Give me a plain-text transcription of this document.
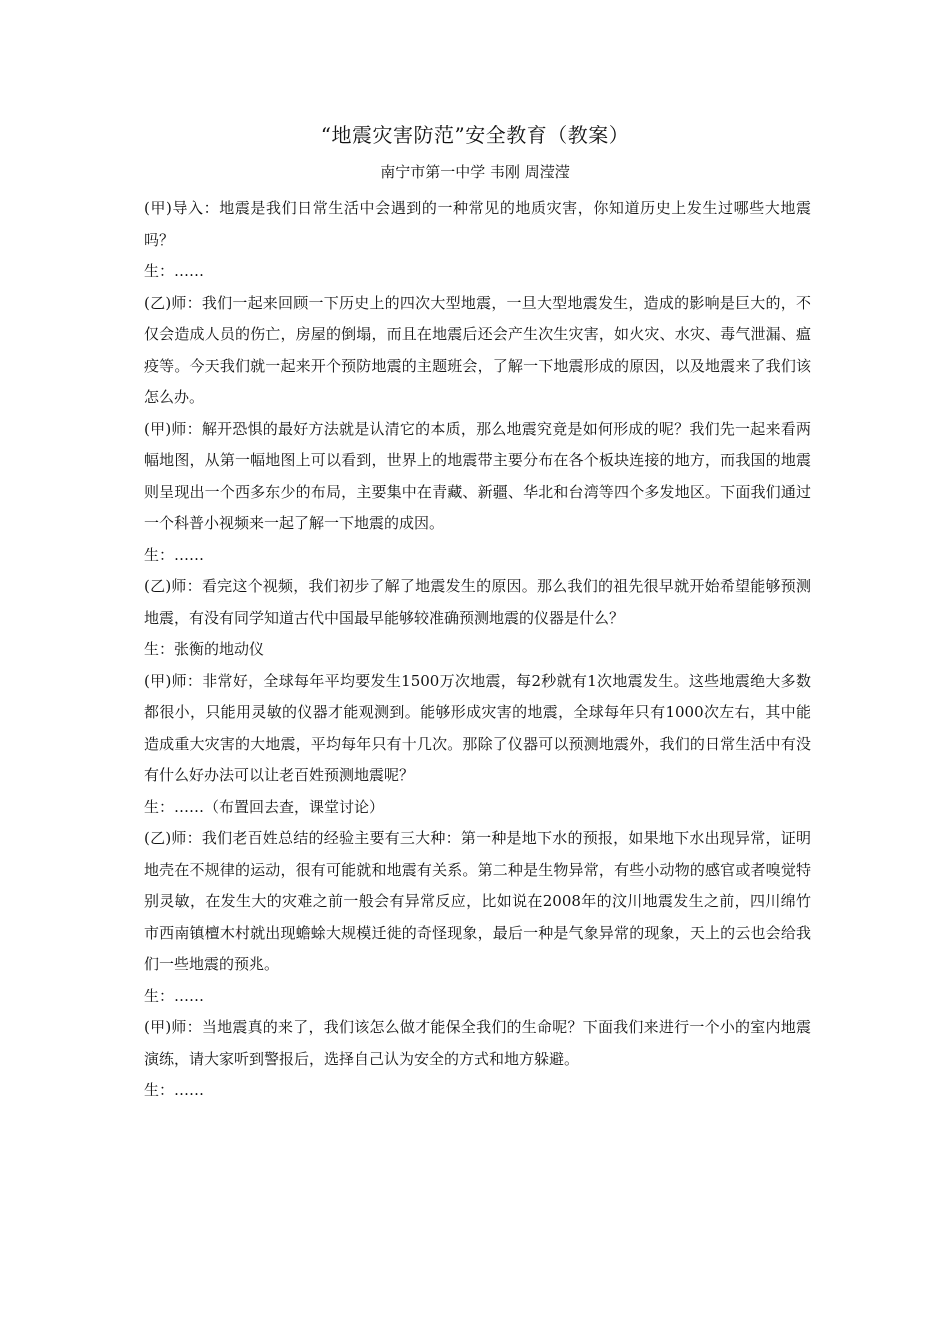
“地震灾害防范”安全教育（教案）
南宁市第一中学 韦刚 周滢滢

(甲)导入：地震是我们日常生活中会遇到的一种常见的地质灾害，你知道历史上发生过哪些大地震吗？

生：……

(乙)师：我们一起来回顾一下历史上的四次大型地震，一旦大型地震发生，造成的影响是巨大的，不仅会造成人员的伤亡，房屋的倒塌，而且在地震后还会产生次生灾害，如火灾、水灾、毒气泄漏、瘟疫等。今天我们就一起来开个预防地震的主题班会，了解一下地震形成的原因，以及地震来了我们该怎么办。

(甲)师：解开恐惧的最好方法就是认清它的本质，那么地震究竟是如何形成的呢？我们先一起来看两幅地图，从第一幅地图上可以看到，世界上的地震带主要分布在各个板块连接的地方，而我国的地震则呈现出一个西多东少的布局，主要集中在青藏、新疆、华北和台湾等四个多发地区。下面我们通过一个科普小视频来一起了解一下地震的成因。

生：……

(乙)师：看完这个视频，我们初步了解了地震发生的原因。那么我们的祖先很早就开始希望能够预测地震，有没有同学知道古代中国最早能够较准确预测地震的仪器是什么？

生：张衡的地动仪

(甲)师：非常好，全球每年平均要发生1500万次地震，每2秒就有1次地震发生。这些地震绝大多数都很小，只能用灵敏的仪器才能观测到。能够形成灾害的地震，全球每年只有1000次左右，其中能造成重大灾害的大地震，平均每年只有十几次。那除了仪器可以预测地震外，我们的日常生活中有没有什么好办法可以让老百姓预测地震呢？

生：……（布置回去查，课堂讨论）

(乙)师：我们老百姓总结的经验主要有三大种：第一种是地下水的预报，如果地下水出现异常，证明地壳在不规律的运动，很有可能就和地震有关系。第二种是生物异常，有些小动物的感官或者嗅觉特别灵敏，在发生大的灾难之前一般会有异常反应，比如说在2008年的汶川地震发生之前，四川绵竹市西南镇檀木村就出现蟾蜍大规模迁徙的奇怪现象，最后一种是气象异常的现象，天上的云也会给我们一些地震的预兆。

生：……

(甲)师：当地震真的来了，我们该怎么做才能保全我们的生命呢？下面我们来进行一个小的室内地震演练，请大家听到警报后，选择自己认为安全的方式和地方躲避。

生：……
